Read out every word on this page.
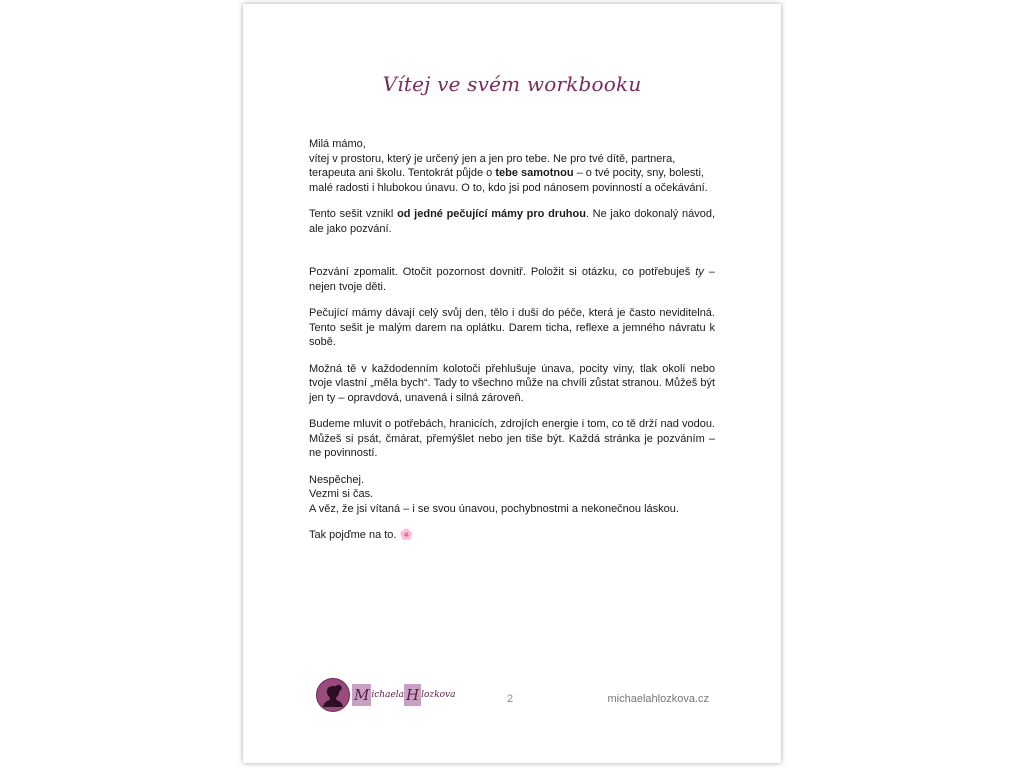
Vítej ve svém workbooku

Milá mámo,
vítej v prostoru, který je určený jen a jen pro tebe. Ne pro tvé dítě, partnera, terapeuta ani školu. Tentokrát půjde o tebe samotnou – o tvé pocity, sny, bolesti, malé radosti i hlubokou únavu. O to, kdo jsi pod nánosem povinností a očekávání.

Tento sešit vznikl od jedné pečující mámy pro druhou. Ne jako dokonalý návod, ale jako pozvání.

Pozvání zpomalit. Otočit pozornost dovnitř. Položit si otázku, co potřebuješ ty – nejen tvoje děti.

Pečující mámy dávají celý svůj den, tělo i duši do péče, která je často neviditelná. Tento sešit je malým darem na oplátku. Darem ticha, reflexe a jemného návratu k sobě.

Možná tě v každodenním kolotoči přehlušuje únava, pocity viny, tlak okolí nebo tvoje vlastní „měla bych“. Tady to všechno může na chvíli zůstat stranou. Můžeš být jen ty – opravdová, unavená i silná zároveň.

Budeme mluvit o potřebách, hranicích, zdrojích energie i tom, co tě drží nad vodou. Můžeš si psát, čmárat, přemýšlet nebo jen tiše být. Každá stránka je pozváním – ne povinností.

Nespěchej.
Vezmi si čas.
A věz, že jsi vítaná – i se svou únavou, pochybnostmi a nekonečnou láskou.

Tak pojďme na to. 🌸

M ichaela H lozkova	2	michaelahlozkova.cz
